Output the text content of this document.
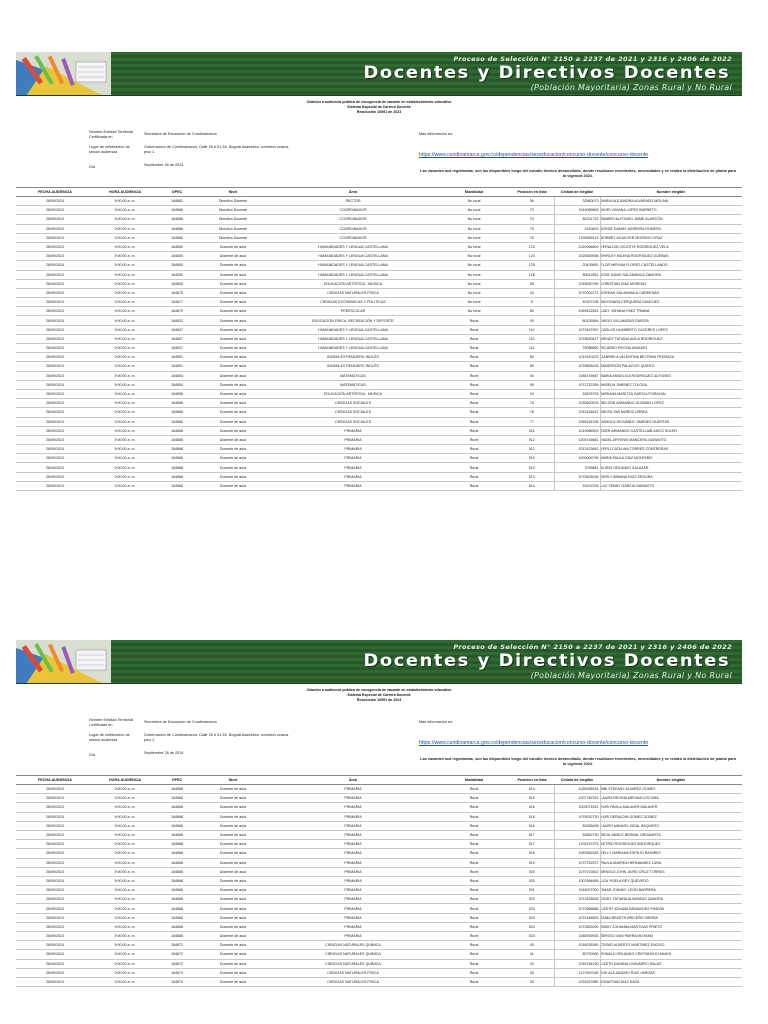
Proceso de Selección N° 2150 a 2237 de 2021 y 2316 y 2406 de 2022
Docentes y Directivos Docentes
(Población Mayoritaria) Zonas Rural y No Rural
Citación a audiencia pública de escogencia de vacante en establecimiento educativo
Sistema Especial de Carrera Docente
Resolución 10591 de 2023
Nombre Entidad Territorial Certificada en
Secretaría de Educación de Cundinamarca
Lugar de celebración de sesión audiencia
Gobernación de Cundinamarca, Calle 26 # 51-53, Bogotá Asamblea, comisión octava, piso 1.
Día	Septiembre 26 de 2024
Mas información en:
https://www.cundinamarca.gov.co/dependencias/seceducacion/concurso-docente/concurso-docente
Las vacantes acá registradas, son las disponibles luego del estudio técnico desarrollado, donde resultaron excedentes, necesidades y se realizó la distribución de planta para la vigencia 2024.
FECHA AUDIENCIA	HORA AUDIENCIA	OPEC	Nivel	Área	Modalidad	Posición en lista	Cédula de elegible	Nombre elegible
26/09/2024	9:00:00 a. m.	184681	Directivo Docente	RECTOR	No rural	36	32560072	MARIA ALEJANDRA ALVARADO MOLINA
26/09/2024	9:00:00 a. m.	184686	Directivo Docente	COORDINADOR	No rural	73	1019089563	INGRI VIVIANA LOPEZ BARRETO
26/09/2024	9:00:00 a. m.	184686	Directivo Docente	COORDINADOR	No rural	74	80231723	RAMIRO ALFONSO JAIME ALARCÓN
26/09/2024	9:00:00 a. m.	184686	Directivo Docente	COORDINADOR	No rural	75	3190629	JORGE DANIEL MOREIRA ROMERO
26/09/2024	9:00:00 a. m.	184686	Directivo Docente	COORDINADOR	No rural	76	1030555119	NORBEY AGUILVER MORENO CRUZ
26/09/2024	9:00:00 a. m.	184650	Docente de aula	HUMANIDADES Y LENGUA CASTELLANA	No rural	123	1020966809	YERALDIN CELESTE RODRIGUEZ VELA
26/09/2024	9:00:00 a. m.	184650	Docente de aula	HUMANIDADES Y LENGUA CASTELLANA	No rural	124	1020839058	SHIRLEY MILENA RODRIGUEZ DUEÑAS
26/09/2024	9:00:00 a. m.	184650	Docente de aula	HUMANIDADES Y LENGUA CASTELLANA	No rural	125	20476651	FLOR MIRYAM FLOREZ CASTELLANOS
26/09/2024	9:00:00 a. m.	184650	Docente de aula	HUMANIDADES Y LENGUA CASTELLANA	No rural	126	80512851	JOSE DAVID SALAMANCA ZAMORA
26/09/2024	9:00:00 a. m.	184659	Docente de aula	EDUCACIÓN ARTÍSTICA - MÚSICA	No rural	28	1018450789	CHRISTIAN DIAZ MORENO
26/09/2024	9:00:00 a. m.	184675	Docente de aula	CIENCIAS NATURALES FÍSICA	No rural	34	1070032272	JORDAN SALAMANCA CÁRDENAS
26/09/2024	9:00:00 a. m.	184677	Docente de aula	CIENCIAS ECONOMICAS Y POLITICAS	No rural	6	40327198	SAYONARA CERQUERA SANCHEZ
26/09/2024	9:00:00 a. m.	184679	Docente de aula	PREESCOLAR	No rural	60	1069432543	LADY JOHANA PAEZ TRIANA
26/09/2024	9:00:00 a. m.	184631	Docente de aula	EDUCACIÓN FÍSICA, RECREACIÓN Y DEPORTE	Rural	39	80125564	DIEGO VILLAMIZAR GARCIA
26/09/2024	9:00:00 a. m.	184647	Docente de aula	HUMANIDADES Y LENGUA CASTELLANA	Rural	110	1072497957	CARLOS HUMBERTO CACERES LÓPEZ
26/09/2024	9:00:00 a. m.	184647	Docente de aula	HUMANIDADES Y LENGUA CASTELLANA	Rural	110	1078630427	WENDY TATIANA AVILA RODRIGUEZ
26/09/2024	9:00:00 a. m.	184647	Docente de aula	HUMANIDADES Y LENGUA CASTELLANA	Rural	111	79088890	RICARDO ROCHA ARANGO
26/09/2024	9:00:00 a. m.	184651	Docente de aula	IDIOMA EXTRANJERO INGLÉS	Rural	80	1019140223	GABRIELA VALENTINA BELTRAN PEDRAZA
26/09/2024	9:00:00 a. m.	184651	Docente de aula	IDIOMA EXTRANJERO INGLÉS	Rural	89	1078658226	ANDERSON PALACIOS QUINTO
26/09/2024	9:00:00 a. m.	184654	Docente de aula	MATEMÁTICAS	Rural	94	1068749487	MARIA ANGELICA RODRIGUEZ ALFONSO
26/09/2024	9:00:00 a. m.	184654	Docente de aula	MATEMÁTICAS	Rural	95	1071752269	ANSELM JIMENEZ TOLOSA
26/09/2024	9:00:00 a. m.	184658	Docente de aula	EDUCACIÓN ARTÍSTICA - MÚSICA	Rural	24	52876753	ADRIANA MARITZA GARCIA PORAYAN
26/09/2024	9:00:00 a. m.	184666	Docente de aula	CIENCIAS SOCIALES	Rural	75	1030620576	NELSON ARMANDO GUZMAN LOPEZ
26/09/2024	9:00:00 a. m.	184666	Docente de aula	CIENCIAS SOCIALES	Rural	76	1012416422	ARLEN SMI MUÑOZ URREA
26/09/2024	9:00:00 a. m.	184666	Docente de aula	CIENCIAS SOCIALES	Rural	77	1069154195	HAROLD GIOVANNY JIMENEZ HUERTAS
26/09/2024	9:00:00 a. m.	184668	Docente de aula	PRIMARIA	Rural	511	1019086529	EDER ARMANDO CASTELLABLANCO SOLER
26/09/2024	9:00:00 a. m.	184668	Docente de aula	PRIMARIA	Rural	512	1003746681	YADEL ARYENIS MANCERA GARAVITO
26/09/2024	9:00:00 a. m.	184668	Docente de aula	PRIMARIA	Rural	512	1012423643	YERLI CATALINA TORRES CONTRERAS
26/09/2024	9:00:00 a. m.	184668	Docente de aula	PRIMARIA	Rural	513	1000009795	MARIA PAULA DIAZ MONTAÑO
26/09/2024	9:00:00 a. m.	184668	Docente de aula	PRIMARIA	Rural	513	7035881	ALIRIO ORLANDO SALAZAR
26/09/2024	9:00:00 a. m.	184668	Docente de aula	PRIMARIA	Rural	513	1073625036	DERLY BIBIANA RUIZ SEGURA
26/09/2024	9:00:00 a. m.	184668	Docente de aula	PRIMARIA	Rural	514	53102228	LUZ YENNY GARCIA GARAVITO
Proceso de Selección N° 2150 a 2237 de 2021 y 2316 y 2406 de 2022
Docentes y Directivos Docentes
(Población Mayoritaria) Zonas Rural y No Rural
Citación a audiencia pública de escogencia de vacante en establecimiento educativo
Sistema Especial de Carrera Docente
Resolución 10591 de 2023
Nombre Entidad Territorial Certificada en
Secretaría de Educación de Cundinamarca
Lugar de celebración de sesión audiencia
Gobernación de Cundinamarca, Calle 26 # 51-53, Bogotá Asamblea, comisión octava, piso 1.
Día	Septiembre 26 de 2024
Mas información en:
https://www.cundinamarca.gov.co/dependencias/seceducacion/concurso-docente/concurso-docente
Las vacantes acá registradas, son las disponibles luego del estudio técnico desarrollado, donde resultaron excedentes, necesidades y se realizó la distribución de planta para la vigencia 2024.
FECHA AUDIENCIA	HORA AUDIENCIA	OPEC	Nivel	Área	Modalidad	Posición en lista	Cédula de elegible	Nombre elegible
26/09/2024	9:00:00 a. m.	184668	Docente de aula	PRIMARIA	Rural	514	1026295334	BIBI STEFANY ALVAREZ GOMEZ
26/09/2024	9:00:00 a. m.	184668	Docente de aula	PRIMARIA	Rural	515	1007782319	LAURA REGINA MEDINA COCOMA
26/09/2024	9:00:00 a. m.	184668	Docente de aula	PRIMARIA	Rural	516	1003074921	YURI PAOLA MALAVER MALAVER
26/09/2024	9:00:00 a. m.	184668	Docente de aula	PRIMARIA	Rural	516	1079032730	YURI GERALDIN GOMEZ GOMEZ
26/09/2024	9:00:00 a. m.	184668	Docente de aula	PRIMARIA	Rural	516	80255496	LAURO MANUEL VIDAL BAQUERO
26/09/2024	9:00:00 a. m.	184668	Docente de aula	PRIMARIA	Rural	517	52662730	NIDIA YAMILE BERNAL ORGANISTA
26/09/2024	9:00:00 a. m.	184668	Docente de aula	PRIMARIA	Rural	517	1031197379	ASTRID RODRIGUEZ BOHORQUEZ
26/09/2024	9:00:00 a. m.	184668	Docente de aula	PRIMARIA	Rural	518	1087662283	KELLY MARIANA ESPEJO RAMIREZ
26/09/2024	9:00:00 a. m.	184668	Docente de aula	PRIMARIA	Rural	519	1072752572	PAULA ANDREA HERNANDEZ LUNA
26/09/2024	9:00:00 a. m.	184668	Docente de aula	PRIMARIA	Rural	520	1070715502	ARNOLD JOHN JAIRO CRUZ TORRES
26/09/2024	9:00:00 a. m.	184668	Docente de aula	PRIMARIA	Rural	520	1007584895	LIZA YISELA REY QUEVEDO
26/09/2024	9:00:00 a. m.	184668	Docente de aula	PRIMARIA	Rural	521	1016027300	OMAR JOANNY LEÓN BARRERA
26/09/2024	9:00:00 a. m.	184668	Docente de aula	PRIMARIA	Rural	522	1072426626	CINDY TATIANA ALVARADO ZAMORA
26/09/2024	9:00:00 a. m.	184668	Docente de aula	PRIMARIA	Rural	523	1072666685	LIZETH JOHANA BENAVIDES PINZON
26/09/2024	9:00:00 a. m.	184668	Docente de aula	PRIMARIA	Rural	524	1074165529	TANIA BRIGITH BRICEÑO SIERRA
26/09/2024	9:00:00 a. m.	184668	Docente de aula	PRIMARIA	Rural	524	1072653290	SINDY JOHANNA MASTOAS PRIETO
26/09/2024	9:00:00 a. m.	184668	Docente de aula	PRIMARIA	Rural	524	1068769053	SERGIO IVAN PARRA MOYANO
26/09/2024	9:00:00 a. m.	184672	Docente de aula	CIENCIAS NATURALES QUÍMICA	Rural	40	1016035260	CESAR ALBERTO MARTINEZ ENCISO
26/09/2024	9:00:00 a. m.	184672	Docente de aula	CIENCIAS NATURALES QUÍMICA	Rural	41	80730080	RONALD ORLANDO CRISTANCHO ANAYA
26/09/2024	9:00:00 a. m.	184672	Docente de aula	CIENCIAS NATURALES QUÍMICA	Rural	42	1016784190	LIZETH DAYANA CHAVARRO SALAS
26/09/2024	9:00:00 a. m.	184674	Docente de aula	CIENCIAS NATURALES FÍSICA	Rural	25	1127597045	JOE ALEJANDRO RUIZ VARGAS
26/09/2024	9:00:00 a. m.	184674	Docente de aula	CIENCIAS NATURALES FÍSICA	Rural	26	1031527880	JONATHAN DIAZ DAZA
